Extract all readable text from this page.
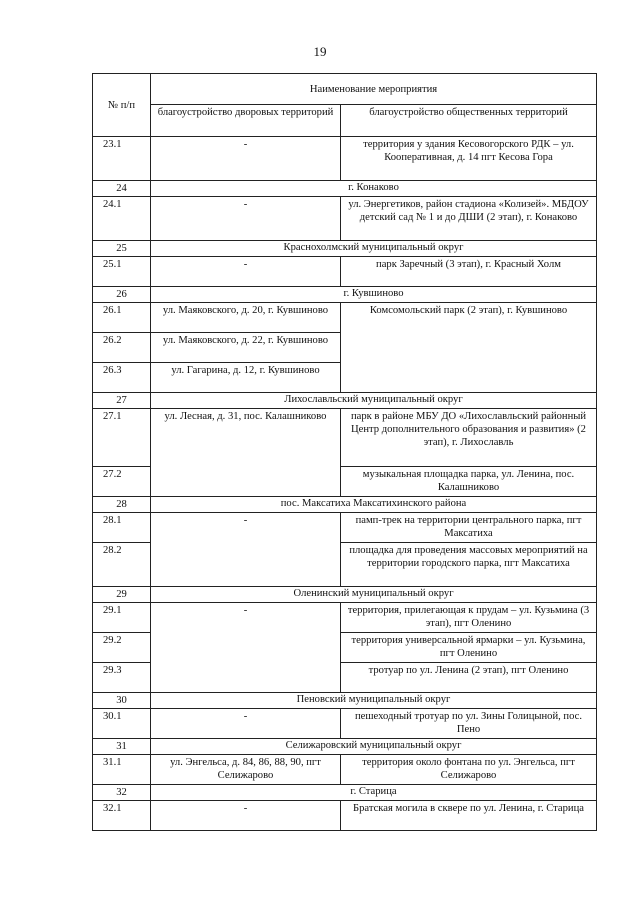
19
№ п/п	Наименование мероприятия	
	благоустройство дворовых территорий	благоустройство общественных территорий
23.1	-	территория у здания Кесовогорского РДК – ул. Кооперативная, д. 14 пгт Кесова Гора
24	г. Конаково	
24.1	-	ул. Энергетиков, район стадиона «Колизей». МБДОУ детский сад № 1 и до ДШИ (2 этап), г. Конаково
25	Краснохолмский муниципальный округ	
25.1	-	парк Заречный (3 этап), г. Красный Холм
26	г. Кувшиново	
26.1	ул. Маяковского, д. 20, г. Кувшиново	Комсомольский парк (2 этап), г. Кувшиново
26.2	ул. Маяковского, д. 22, г. Кувшиново	
26.3	ул. Гагарина, д. 12, г. Кувшиново	
27	Лихославльский муниципальный округ	
27.1	ул. Лесная, д. 31, пос. Калашниково	парк в районе МБУ ДО «Лихославльский районный Центр дополнительного образования и развития» (2 этап), г. Лихославль
27.2		музыкальная площадка парка, ул. Ленина, пос. Калашниково
28	пос. Максатиха Максатихинского района	
28.1	-	памп-трек на территории центрального парка, пгт Максатиха
28.2		площадка для проведения массовых мероприятий на территории городского парка, пгт Максатиха
29	Оленинский муниципальный округ	
29.1	-	территория, прилегающая к прудам – ул. Кузьмина (3 этап), пгт Оленино
29.2		территория универсальной ярмарки – ул. Кузьмина, пгт Оленино
29.3		тротуар по ул. Ленина (2 этап), пгт Оленино
30	Пеновский муниципальный округ	
30.1	-	пешеходный тротуар по ул. Зины Голицыной, пос. Пено
31	Селижаровский муниципальный округ	
31.1	ул. Энгельса, д. 84, 86, 88, 90, пгт Селижарово	территория около фонтана по ул. Энгельса, пгт Селижарово
32	г. Старица	
32.1	-	Братская могила в сквере по ул. Ленина, г. Старица
